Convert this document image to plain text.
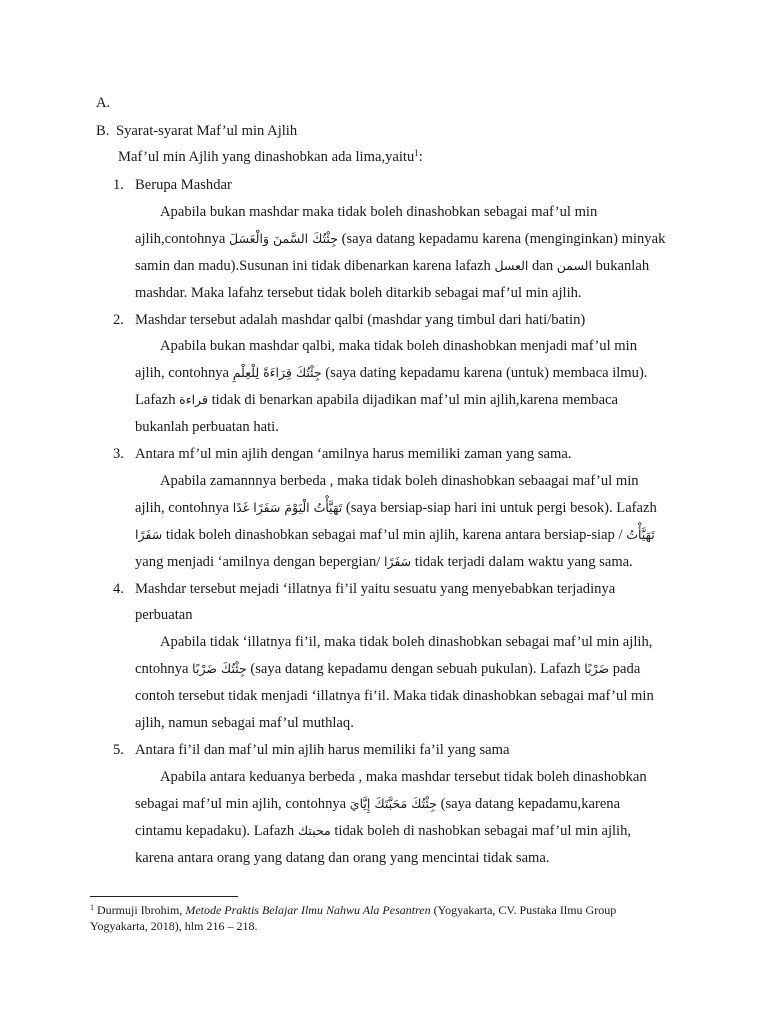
A.
B. Syarat-syarat Maf’ul min Ajlih
Maf’ul min Ajlih yang dinashobkan ada lima,yaitu$^1$:
1. Berupa Mashdar
Apabila bukan mashdar maka tidak boleh dinashobkan sebagai maf’ul min
ajlih,contohnya جِئْتُكَ السَّمنَ وَالْعَسَلَ (saya datang kepadamu karena (menginginkan) minyak
samin dan madu).Susunan ini tidak dibenarkan karena lafazh العسل dan السمن bukanlah
mashdar. Maka lafahz tersebut tidak boleh ditarkib sebagai maf’ul min ajlih.
2. Mashdar tersebut adalah mashdar qalbi (mashdar yang timbul dari hati/batin)
Apabila bukan mashdar qalbi, maka tidak boleh dinashobkan menjadi maf’ul min
ajlih, contohnya جِئْتُكَ قِرَاءَةً لِلْعِلْمِ (saya dating kepadamu karena (untuk) membaca ilmu).
Lafazh قراءة tidak di benarkan apabila dijadikan maf’ul min ajlih,karena membaca
bukanlah perbuatan hati.
3. Antara mf’ul min ajlih dengan ‘amilnya harus memiliki zaman yang sama.
Apabila zamannnya berbeda , maka tidak boleh dinashobkan sebaagai maf’ul min
ajlih, contohnya تَهَيَّأْتُ الْيَوْمَ سَفَرًا غَدًا (saya bersiap-siap hari ini untuk pergi besok). Lafazh
سَفَرًا tidak boleh dinashobkan sebagai maf’ul min ajlih, karena antara bersiap-siap / تَهَيَّأْتُ
yang menjadi ‘amilnya dengan bepergian/ سَفَرًا tidak terjadi dalam waktu yang sama.
4. Mashdar tersebut mejadi ‘illatnya fi’il yaitu sesuatu yang menyebabkan terjadinya
perbuatan
Apabila tidak ‘illatnya fi’il, maka tidak boleh dinashobkan sebagai maf’ul min ajlih,
cntohnya جِئْتُكَ ضَرْبًا (saya datang kepadamu dengan sebuah pukulan). Lafazh ضَرْبًا pada
contoh tersebut tidak menjadi ‘illatnya fi’il. Maka tidak dinashobkan sebagai maf’ul min
ajlih, namun sebagai maf’ul muthlaq.
5. Antara fi’il dan maf’ul min ajlih harus memiliki fa’il yang sama
Apabila antara keduanya berbeda , maka mashdar tersebut tidak boleh dinashobkan
sebagai maf’ul min ajlih, contohnya جِئْتُكَ مَحَبَّتَكَ إِيَّايَ (saya datang kepadamu,karena
cintamu kepadaku). Lafazh محبتك tidak boleh di nashobkan sebagai maf’ul min ajlih,
karena antara orang yang datang dan orang yang mencintai tidak sama.
$^1$ Durmuji Ibrohim, Metode Praktis Belajar Ilmu Nahwu Ala Pesantren (Yogyakarta, CV. Pustaka Ilmu Group
Yogyakarta, 2018), hlm 216 – 218.
